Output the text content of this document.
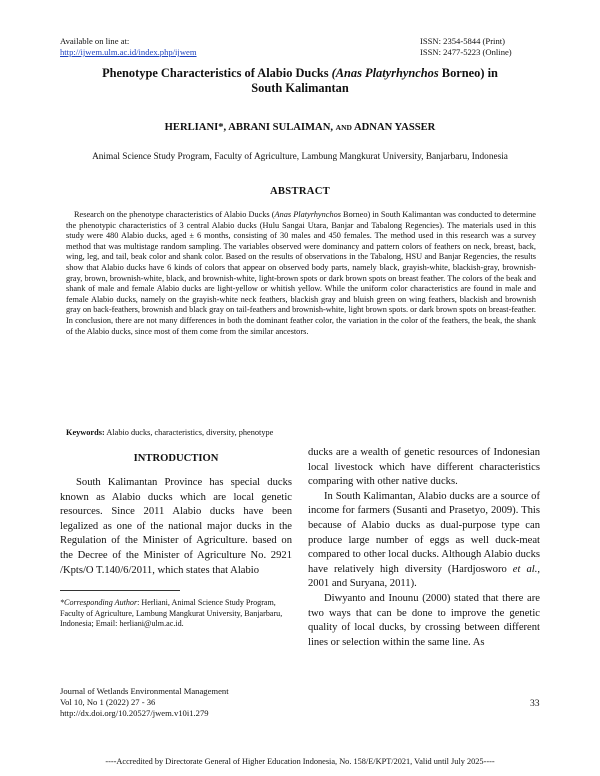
Available on line at:
http://ijwem.ulm.ac.id/index.php/ijwem
ISSN: 2354-5844 (Print)
ISSN: 2477-5223 (Online)
Phenotype Characteristics of Alabio Ducks (Anas Platyrhynchos Borneo) in
South Kalimantan
HERLIANI*, ABRANI SULAIMAN, AND ADNAN YASSER
Animal Science Study Program, Faculty of Agriculture, Lambung Mangkurat University, Banjarbaru, Indonesia
ABSTRACT
Research on the phenotype characteristics of Alabio Ducks (Anas Platyrhynchos Borneo) in South Kalimantan was conducted to determine the phenotypic characteristics of 3 central Alabio ducks (Hulu Sangai Utara, Banjar and Tabalong Regencies). The materials used in this study were 480 Alabio ducks, aged ± 6 months, consisting of 30 males and 450 females. The method used in this research was a survey method that was multistage random sampling. The variables observed were dominancy and pattern colors of feathers on neck, breast, back, wing, leg, and tail, beak color and shank color. Based on the results of observations in the Tabalong, HSU and Banjar Regencies, the results show that Alabio ducks have 6 kinds of colors that appear on observed body parts, namely black, grayish-white, blackish-gray, brownish-gray, brown, brownish-white, black, and brownish-white, light-brown spots or dark brown spots on breast feather. The colors of the beak and shank of male and female Alabio ducks are light-yellow or whitish yellow. While the uniform color characteristics are found in male and female Alabio ducks, namely on the grayish-white neck feathers, blackish gray and bluish green on wing feathers, blackish and brownish gray on back-feathers, brownish and black gray on tail-feathers and brownish-white, light brown spots. or dark brown spots on breast-feather. In conclusion, there are not many differences in both the dominant feather color, the variation in the color of the feathers, the beak, the shank of the Alabio ducks, since most of them come from the similar ancestors.
Keywords: Alabio ducks, characteristics, diversity, phenotype
INTRODUCTION

South Kalimantan Province has special ducks known as Alabio ducks which are local genetic resources. Since 2011 Alabio ducks have been legalized as one of the national major ducks in the Regulation of the Minister of Agriculture. based on the Decree of the Minister of Agriculture No. 2921 /Kpts/O T.140/6/2011, which states that Alabio

*Corresponding Author: Herliani, Animal Science Study Program, Faculty of Agriculture, Lambung Mangkurat University, Banjarbaru, Indonesia; Email: herliani@ulm.ac.id.

ducks are a wealth of genetic resources of Indonesian local livestock which have different characteristics comparing with other native ducks.

In South Kalimantan, Alabio ducks are a source of income for farmers (Susanti and Prasetyo, 2009). This because of Alabio ducks as dual-purpose type can produce large number of eggs as well duck-meat compared to other local ducks. Although Alabio ducks have relatively high diversity (Hardjosworo et al., 2001 and Suryana, 2011).

Diwyanto and Inounu (2000) stated that there are two ways that can be done to improve the genetic quality of local ducks, by crossing between different lines or selection within the same line. As

Journal of Wetlands Environmental Management
Vol 10, No 1 (2022) 27 - 36
http://dx.doi.org/10.20527/jwem.v10i1.279
33
----Accredited by Directorate General of Higher Education Indonesia, No. 158/E/KPT/2021, Valid until July 2025----
